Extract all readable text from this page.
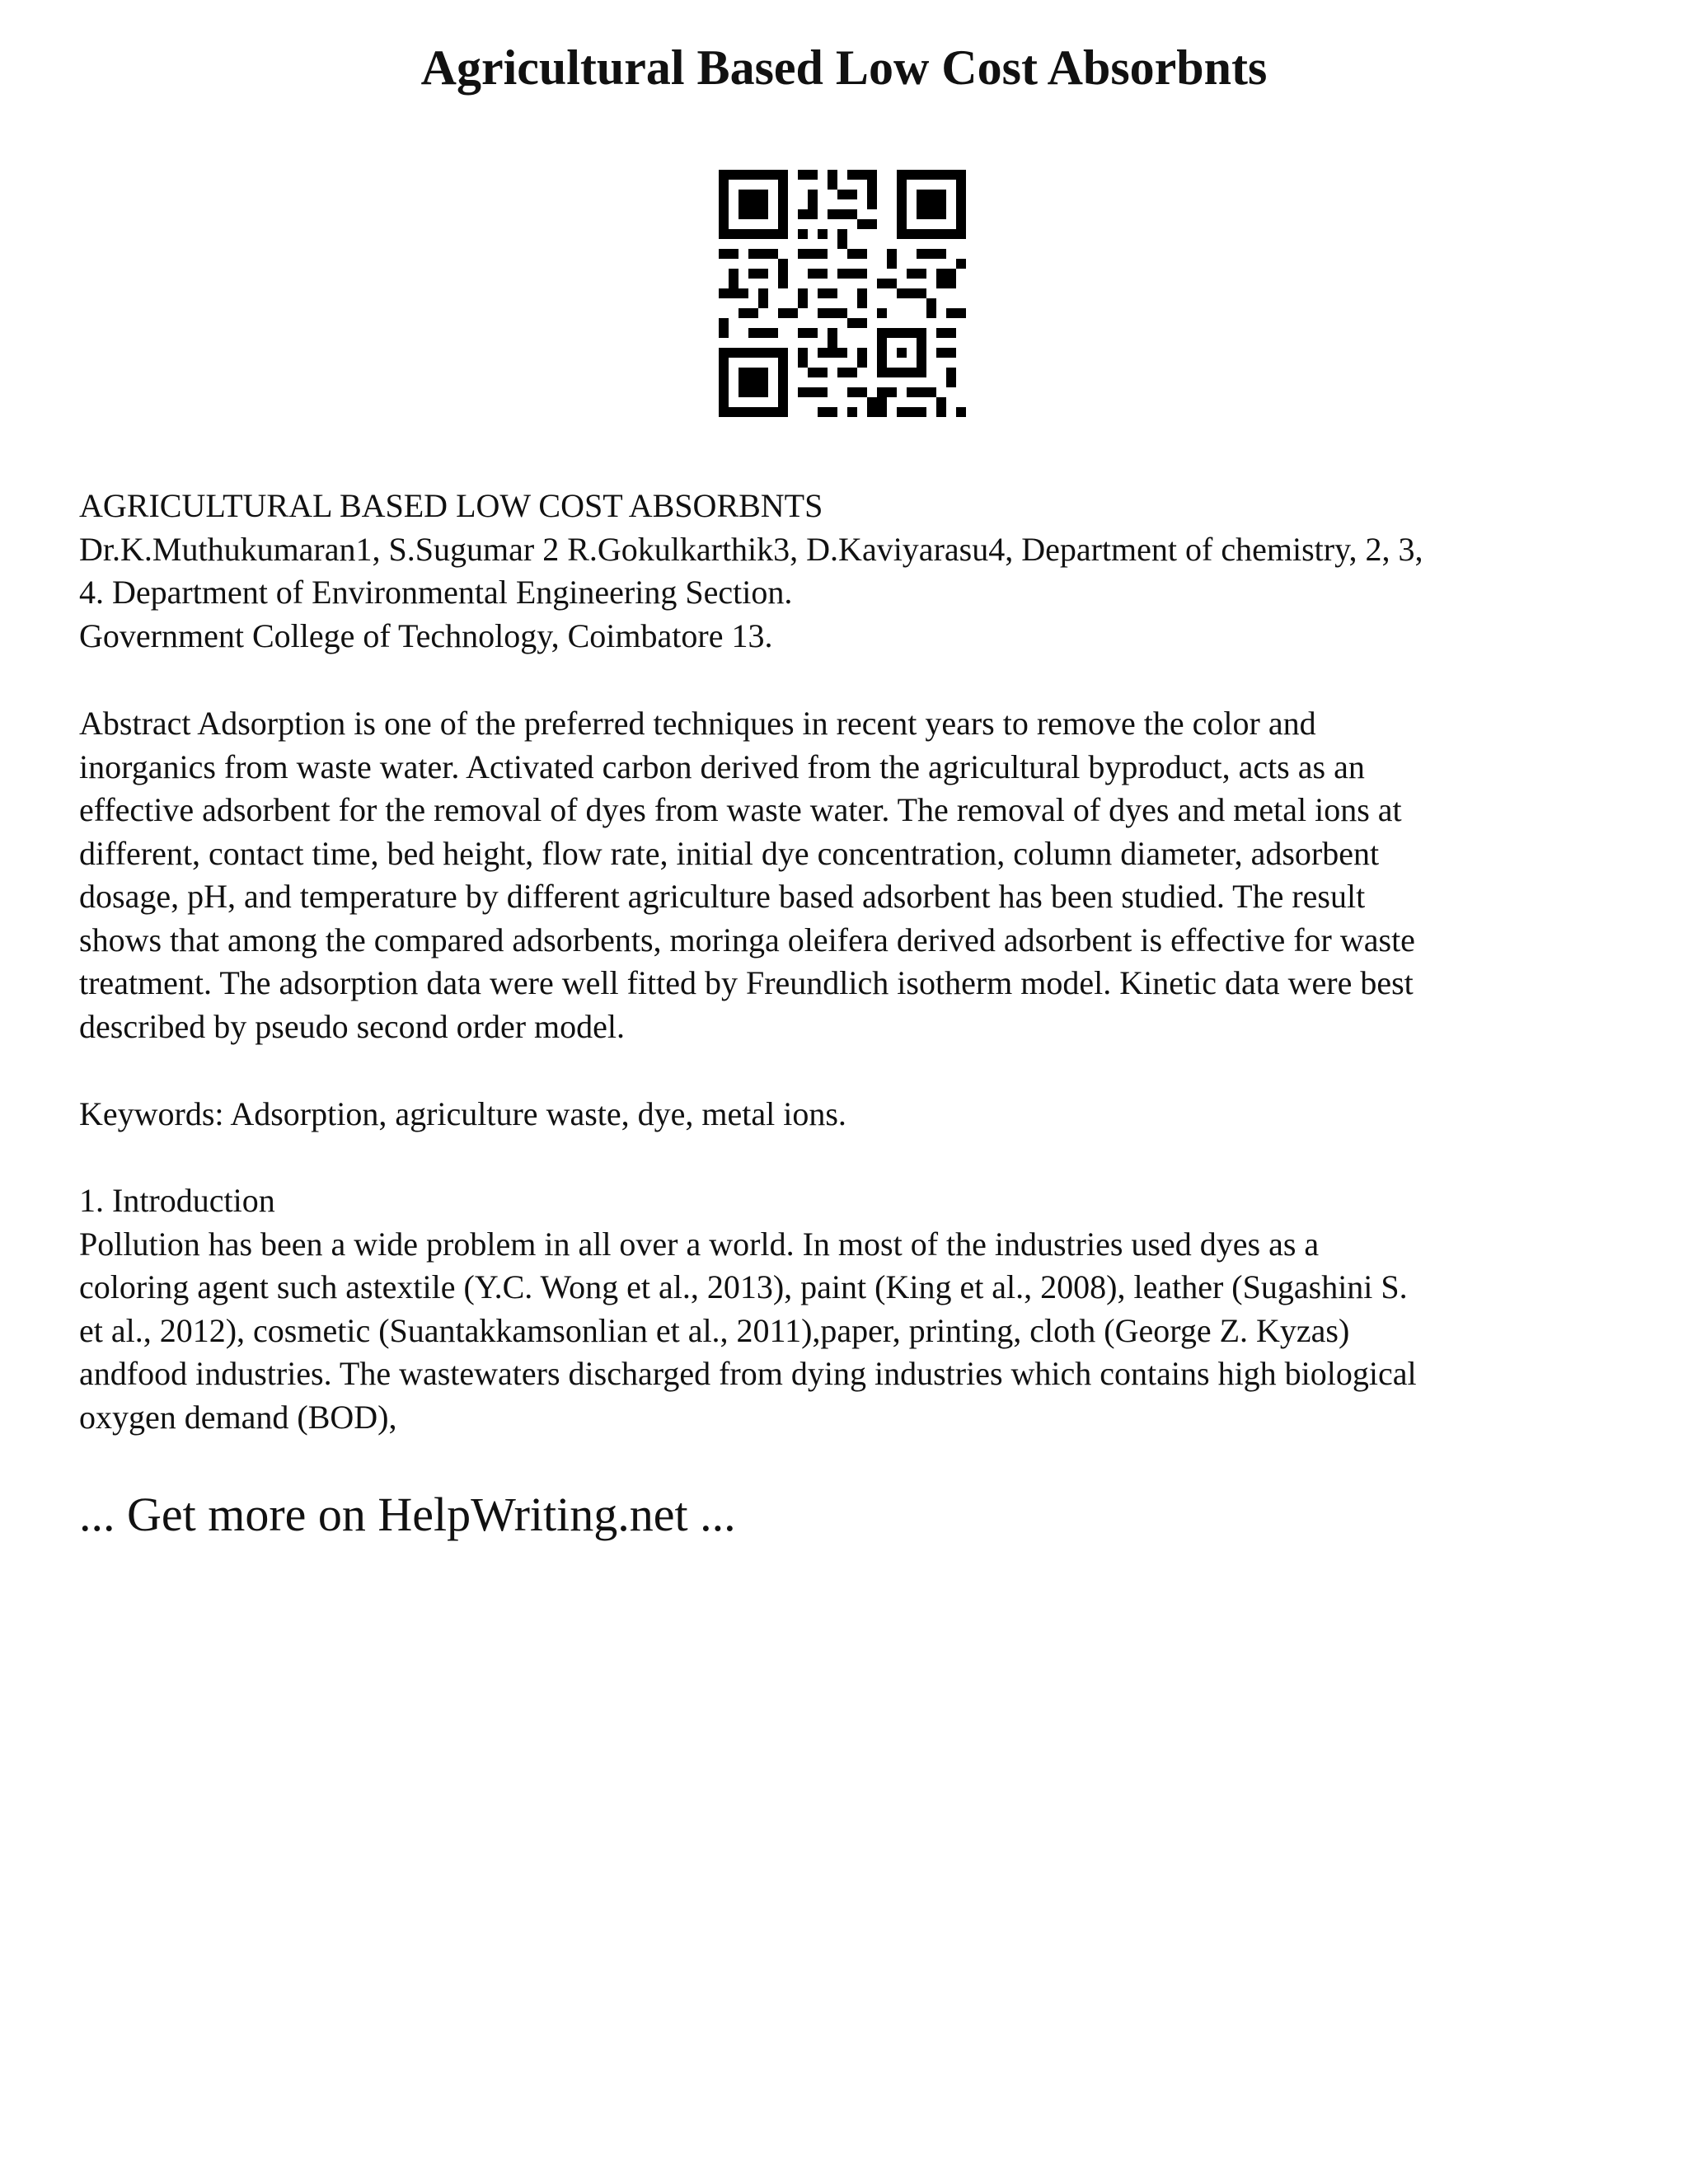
Agricultural Based Low Cost Absorbnts
AGRICULTURAL BASED LOW COST ABSORBNTS
Dr.K.Muthukumaran1, S.Sugumar 2 R.Gokulkarthik3, D.Kaviyarasu4, Department of chemistry, 2, 3,
4. Department of Environmental Engineering Section.
Government College of Technology, Coimbatore 13.
Abstract Adsorption is one of the preferred techniques in recent years to remove the color and
inorganics from waste water. Activated carbon derived from the agricultural byproduct, acts as an
effective adsorbent for the removal of dyes from waste water. The removal of dyes and metal ions at
different, contact time, bed height, flow rate, initial dye concentration, column diameter, adsorbent
dosage, pH, and temperature by different agriculture based adsorbent has been studied. The result
shows that among the compared adsorbents, moringa oleifera derived adsorbent is effective for waste
treatment. The adsorption data were well fitted by Freundlich isotherm model. Kinetic data were best
described by pseudo second order model.
Keywords: Adsorption, agriculture waste, dye, metal ions.
1. Introduction
Pollution has been a wide problem in all over a world. In most of the industries used dyes as a
coloring agent such astextile (Y.C. Wong et al., 2013), paint (King et al., 2008), leather (Sugashini S.
et al., 2012), cosmetic (Suantakkamsonlian et al., 2011),paper, printing, cloth (George Z. Kyzas)
andfood industries. The wastewaters discharged from dying industries which contains high biological
oxygen demand (BOD),

... Get more on HelpWriting.net ...
